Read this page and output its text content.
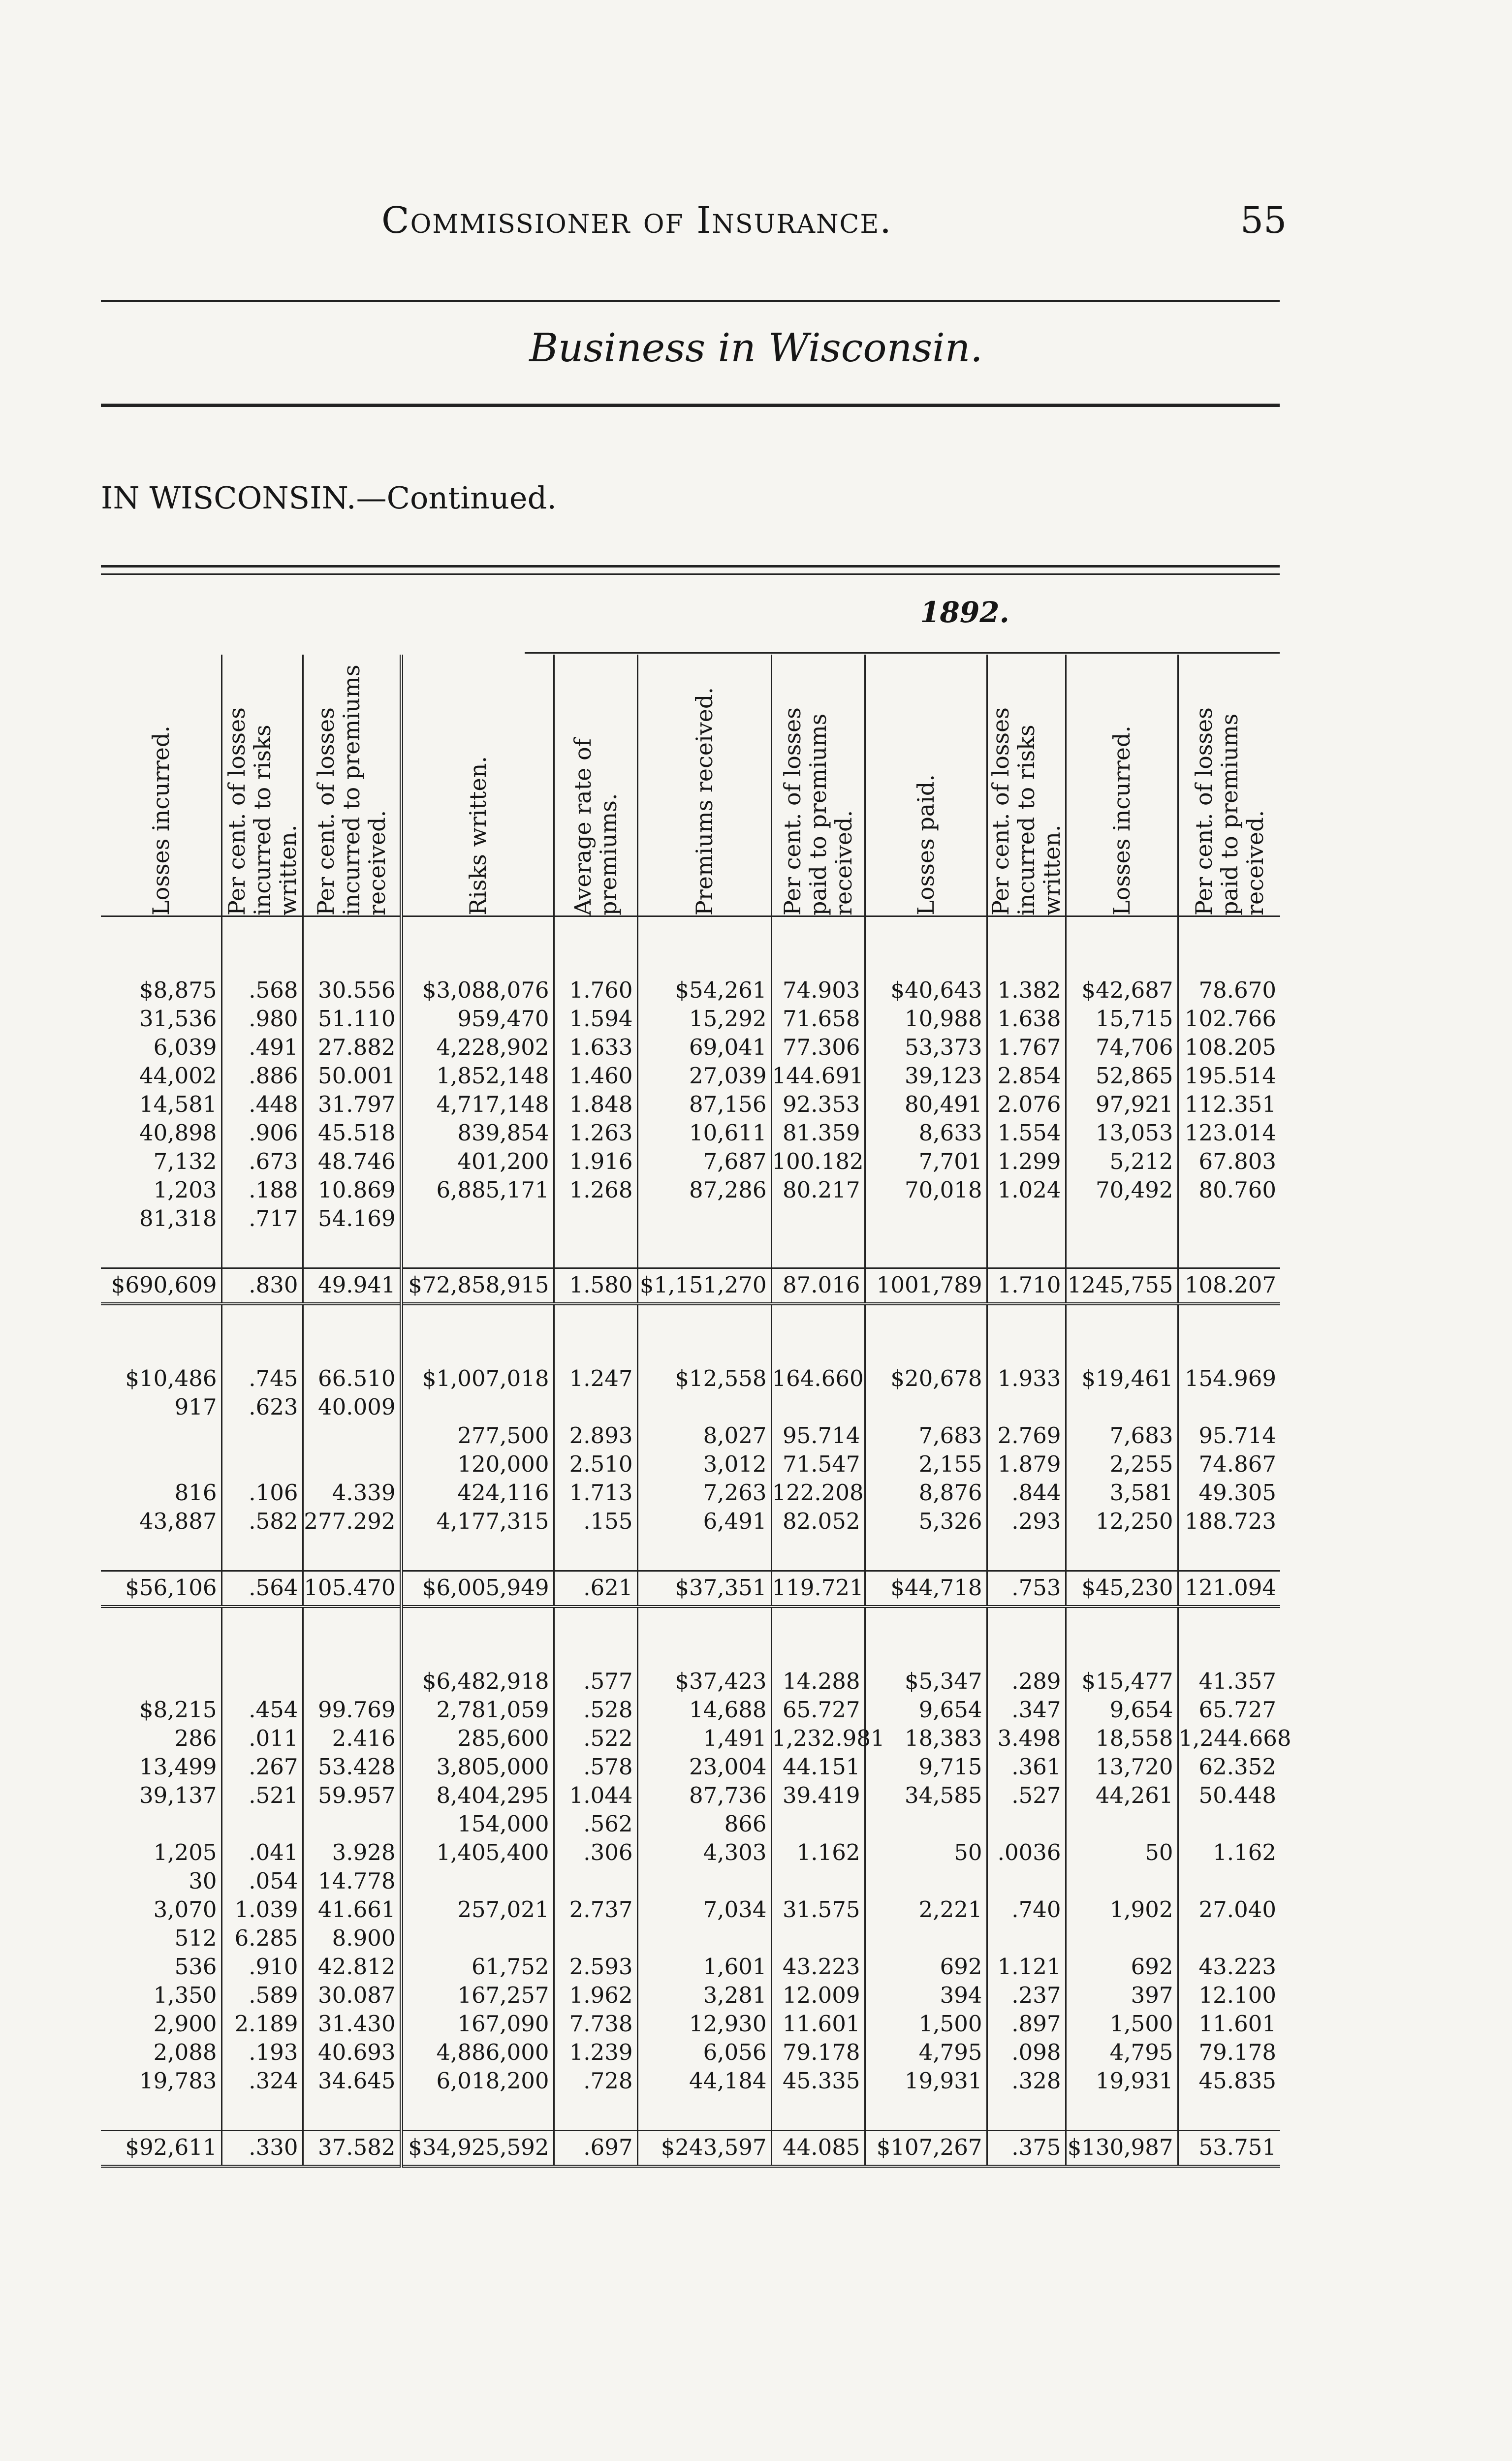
Commissioner of Insurance.	55
Business in Wisconsin.
IN WISCONSIN.—Continued.
1892.
Losses incurred.	Per cent. of losses incurred to risks written.	Per cent. of losses incurred to premiums received.	Risks written.	Average rate of premiums.	Premiums received.	Per cent. of losses paid to premiums received.	Losses paid.	Per cent. of losses incurred to risks written.	Losses incurred.	Per cent. of losses paid to premiums received.

$8,875	.568	30.556	$3,088,076	1.760	$54,261	74.903	$40,643	1.382	$42,687	78.670
31,536	.980	51.110	959,470	1.594	15,292	71.658	10,988	1.638	15,715	102.766
6,039	.491	27.882	4,228,902	1.633	69,041	77.306	53,373	1.767	74,706	108.205
44,002	.886	50.001	1,852,148	1.460	27,039	144.691	39,123	2.854	52,865	195.514
14,581	.448	31.797	4,717,148	1.848	87,156	92.353	80,491	2.076	97,921	112.351
40,898	.906	45.518	839,854	1.263	10,611	81.359	8,633	1.554	13,053	123.014
7,132	.673	48.746	401,200	1.916	7,687	100.182	7,701	1.299	5,212	67.803
1,203	.188	10.869	6,885,171	1.268	87,286	80.217	70,018	1.024	70,492	80.760
81,318	.717	54.169								

$690,609	.830	49.941	$72,858,915	1.580	$1,151,270	87.016	1001,789	1.710	1245,755	108.207

$10,486	.745	66.510	$1,007,018	1.247	$12,558	164.660	$20,678	1.933	$19,461	154.969
917	.623	40.009								
			277,500	2.893	8,027	95.714	7,683	2.769	7,683	95.714
			120,000	2.510	3,012	71.547	2,155	1.879	2,255	74.867
816	.106	4.339	424,116	1.713	7,263	122.208	8,876	.844	3,581	49.305
43,887	.582	277.292	4,177,315	.155	6,491	82.052	5,326	.293	12,250	188.723

$56,106	.564	105.470	$6,005,949	.621	$37,351	119.721	$44,718	.753	$45,230	121.094

			$6,482,918	.577	$37,423	14.288	$5,347	.289	$15,477	41.357
$8,215	.454	99.769	2,781,059	.528	14,688	65.727	9,654	.347	9,654	65.727
286	.011	2.416	285,600	.522	1,491	1,232.981	18,383	3.498	18,558	1,244.668
13,499	.267	53.428	3,805,000	.578	23,004	44.151	9,715	.361	13,720	62.352
39,137	.521	59.957	8,404,295	1.044	87,736	39.419	34,585	.527	44,261	50.448
			154,000	.562	866					
1,205	.041	3.928	1,405,400	.306	4,303	1.162	50	.0036	50	1.162
30	.054	14.778								
3,070	1.039	41.661	257,021	2.737	7,034	31.575	2,221	.740	1,902	27.040
512	6.285	8.900								
536	.910	42.812	61,752	2.593	1,601	43.223	692	1.121	692	43.223
1,350	.589	30.087	167,257	1.962	3,281	12.009	394	.237	397	12.100
2,900	2.189	31.430	167,090	7.738	12,930	11.601	1,500	.897	1,500	11.601
2,088	.193	40.693	4,886,000	1.239	6,056	79.178	4,795	.098	4,795	79.178
19,783	.324	34.645	6,018,200	.728	44,184	45.335	19,931	.328	19,931	45.835

$92,611	.330	37.582	$34,925,592	.697	$243,597	44.085	$107,267	.375	$130,987	53.751
